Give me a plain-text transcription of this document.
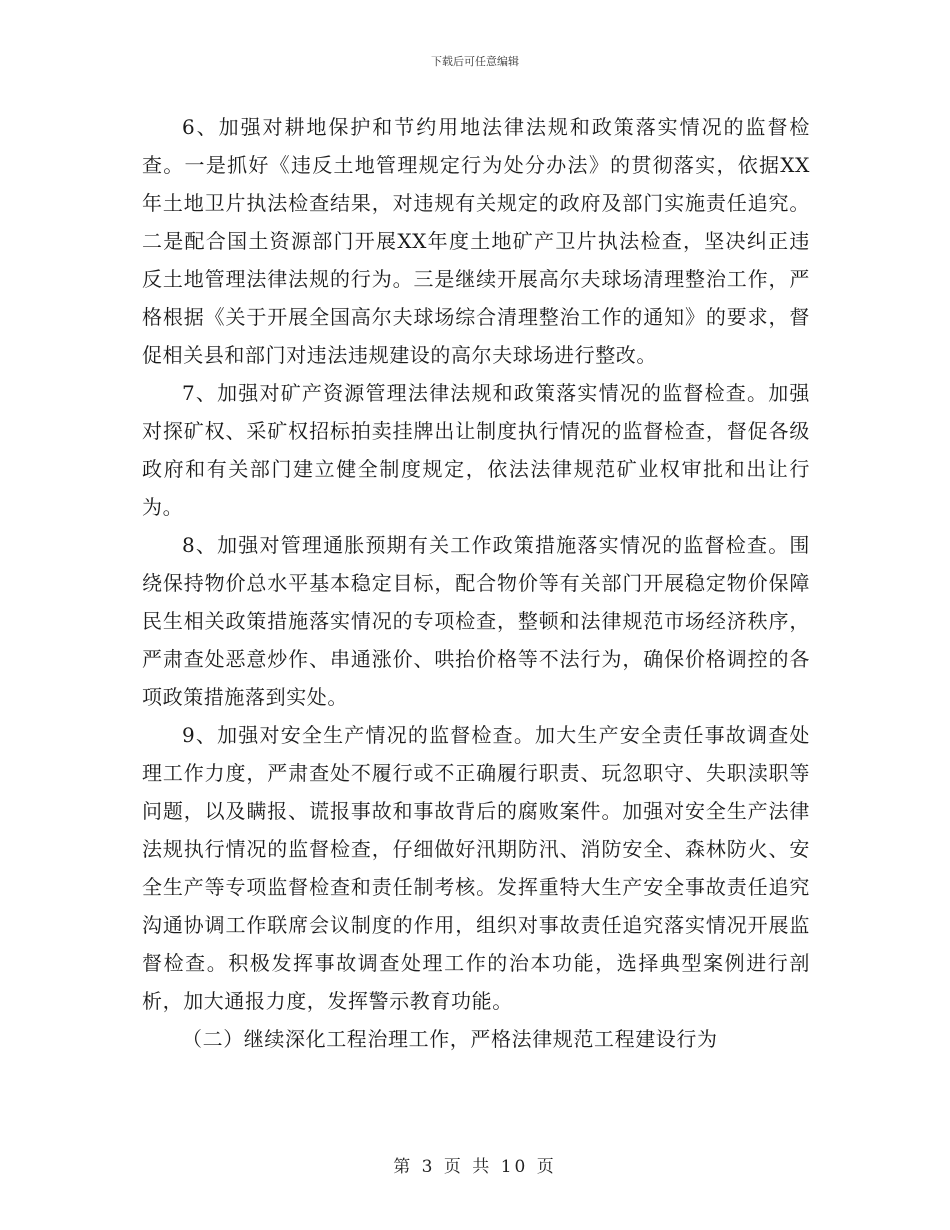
下载后可任意编辑

6、加强对耕地保护和节约用地法律法规和政策落实情况的监督检查。一是抓好《违反土地管理规定行为处分办法》的贯彻落实，依据XX年土地卫片执法检查结果，对违规有关规定的政府及部门实施责任追究。二是配合国土资源部门开展XX年度土地矿产卫片执法检查，坚决纠正违反土地管理法律法规的行为。三是继续开展高尔夫球场清理整治工作，严格根据《关于开展全国高尔夫球场综合清理整治工作的通知》的要求，督促相关县和部门对违法违规建设的高尔夫球场进行整改。

7、加强对矿产资源管理法律法规和政策落实情况的监督检查。加强对探矿权、采矿权招标拍卖挂牌出让制度执行情况的监督检查，督促各级政府和有关部门建立健全制度规定，依法法律规范矿业权审批和出让行为。

8、加强对管理通胀预期有关工作政策措施落实情况的监督检查。围绕保持物价总水平基本稳定目标，配合物价等有关部门开展稳定物价保障民生相关政策措施落实情况的专项检查，整顿和法律规范市场经济秩序，严肃查处恶意炒作、串通涨价、哄抬价格等不法行为，确保价格调控的各项政策措施落到实处。

9、加强对安全生产情况的监督检查。加大生产安全责任事故调查处理工作力度，严肃查处不履行或不正确履行职责、玩忽职守、失职渎职等问题，以及瞒报、谎报事故和事故背后的腐败案件。加强对安全生产法律法规执行情况的监督检查，仔细做好汛期防汛、消防安全、森林防火、安全生产等专项监督检查和责任制考核。发挥重特大生产安全事故责任追究沟通协调工作联席会议制度的作用，组织对事故责任追究落实情况开展监督检查。积极发挥事故调查处理工作的治本功能，选择典型案例进行剖析，加大通报力度，发挥警示教育功能。

（二）继续深化工程治理工作，严格法律规范工程建设行为

第 3 页 共 10 页
